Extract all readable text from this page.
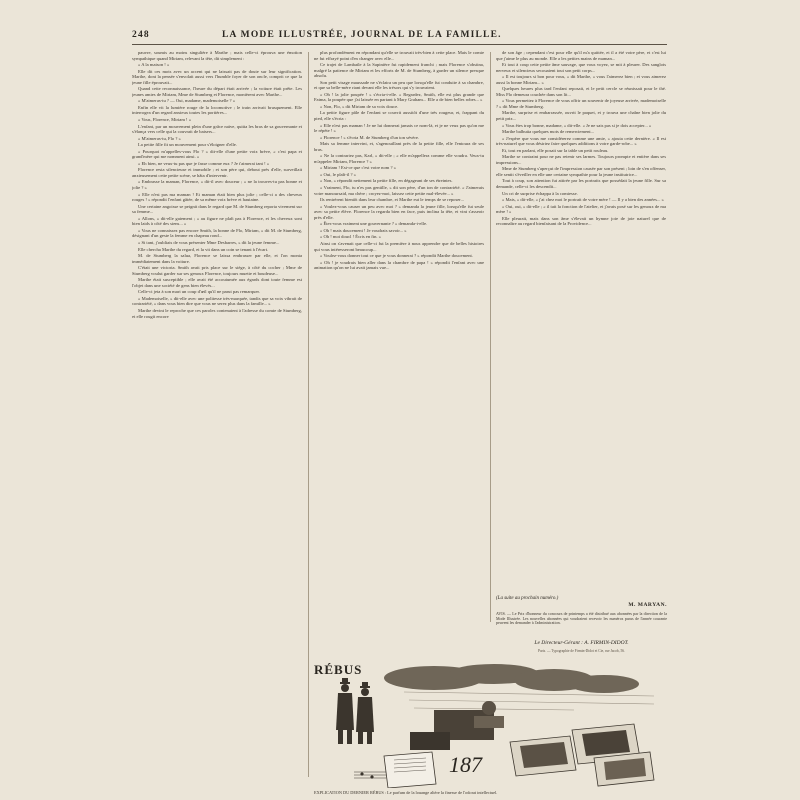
248	LA MODE ILLUSTRÉE, JOURNAL DE LA FAMILLE.

pauvre, soumis au moins singulière à Marthe ; mais celle-ci éprouva une émotion sympathique quand Miriam, relevant la tête, dit simplement :

« A la maison ! »

Elle dit ces mots avec un accent qui ne laissait pas de doute sur leur signification. Marthe, dont la pensée s'envolait aussi vers l'humble foyer de son oncle, comprit ce que la jeune fille éprouvait...

Quand cette reconnaissance, l'heure du départ était arrivée ; la voiture était prête. Les jeunes amies de Miriam, Mme de Stumberg et Florence, montèrent avec Marthe...

« M'aimeras-tu ? — Oui, madame, mademoiselle ? »

Enfin elle vit la lumière rouge de la locomotive ; le train arrivait brusquement. Elle interrogea d'un regard anxieux toutes les portières...

« Vous, Florence, Miriam ! »

L'enfant, par un mouvement plein d'une grâce naïve, quitta les bras de sa gouvernante et s'élança vers celle qui la couvrait de baisers...

« M'aimeras-tu, Flo ? »

La petite fille fit un mouvement pour s'éloigner d'elle.

« Pourquoi m'appelles-vous Flo ? » dit-elle d'une petite voix brève, « c'est papa et grand'mère qui me nomment ainsi. »

« Eh bien, ne veux-tu pas que je fasse comme eux ? Je t'aimerai tant ! »

Florence resta silencieuse et immobile ; et son père qui, debout près d'elle, surveillait anxieusement cette petite scène, se hâta d'intervenir.

« Embrasse la maman, Florence, » dit-il avec douceur ; « ne la trouves-tu pas bonne et jolie ? »

« Elle n'est pas ma maman ! Et maman était bien plus jolie ; celle-ci a des cheveux rouges ! » répondit l'enfant gâtée, de sa même voix brève et hautaine.

Une certaine angoisse se peignit dans le regard que M. de Stumberg reporta vivement sur sa femme...

« Allons, » dit-elle gaiement ; « au figure ne plaît pas à Florence, et les cheveux sont bien laids à côté des siens... »

« Vous ne connaissez pas encore Smith, la bonne de Flo, Miriam, » dit M. de Stumberg, désignant d'un geste la femme en chapeau rond...

« Si tant, j'oubliais de vous présenter Mme Desbarres, » dit la jeune femme...

Elle chercha Marthe du regard, et la vit dans un coin se tenant à l'écart.

M. de Stumberg la salua, Florence se laissa embrasser par elle, et l'on monta immédiatement dans la voiture.

C'était une victoria. Smith avait pris place sur le siège, à côté du cocher ; Mme de Stumberg voulut garder sur ses genoux Florence, toujours muette et boudeuse...

Marthe était susceptible ; elle avait été accoutumée aux égards dont toute femme est l'objet dans une société de gens bien élevés...

Celle-ci jeta à son mari un coup d'œil qu'il ne parut pas remarquer.

« Mademoiselle, » dit-elle avec une politesse très-marquée, tandis que sa voix vibrait de contrariété, « dans vous bien dire que vous ne serez plus dans la famille... »

Marthe devint le reproche que ces paroles contenaient à l'adresse du comte de Stumberg, et elle rougit encore

plus profondément en répondant qu'elle se trouvait très-bien à cette place. Mais le comte ne fut effrayé point d'en changer avec elle...

Ce trajet de Lambaile à la Sapinière fut rapidement franchi ; mais Florence s'obstina, malgré la patience de Miriam et les efforts de M. de Stumberg, à garder un silence presque absolu.

Son petit visage maussade ne s'éclaira un peu que lorsqu'elle fut conduite à sa chambre, et que sa belle-mère riant devant elle les trésors qui s'y trouvaient.

« Oh ! la jolie poupée ! » s'écria-t-elle. « Regardez, Smith, elle est plus grande que Fatma, la poupée que j'ai laissée en partant à Mary Graham... Elle a de bien belles robes... »

« Non, Flo, » dit Miriam de sa voix douce.

La petite figure pâle de l'enfant se couvrit aussitôt d'une très rougeur, et, frappant du pied, elle s'écria :

« Elle n'est pas maman ! Je ne lui donnerai jamais ce nom-là, et je ne veux pas qu'on me le répète ! »

« Florence ! » s'écria M. de Stumberg d'un ton sévère.

Mais sa femme intervint, et, s'agenouillant près de la petite fille, elle l'entoura de ses bras.

« Ne la contrariez pas, Karl, » dit-elle ; « elle m'appellera comme elle voudra. Veux-tu m'appeler Miriam, Florence ? »

« Miriam ! Est-ce que c'est votre nom ? »

« Oui, le plaît-il ? »

« Non, » répondit nettement la petite fille, en dégageant de ses étreintes.

« Vraiment, Flo, tu n'es pas gentille, » dit son père, d'un ton de contrariété. « J'aimerais votre manoursaid, ma chère ; croyez-moi, laissez cette petite mal-élevée... »

Ils rentrèrent bientôt dans leur chambre, et Marthe eut le temps de se reposer...

« Voulez-vous causer un peu avec moi ? » demanda la jeune fille, lorsqu'elle fut seule avec sa petite élève. Florence la regarda bien en face, puis inclina la tête, et vint s'asseoir près d'elle.

« Êtes-vous vraiment une gouvernante ? » demanda-t-elle.

« Oh ! mais doucement ! Je voudrais savoir... »

« Oh ! moi doucl ! Écris en fin. »

Ainsi on s'avenait que celle-ci fut la première à nous apprendre que de belles histoires qui vous intéresseront beaucoup...

« Voulez-vous donner tout ce que je vous donnerai ? » répondit Marthe doucement.

« Oh ! je voudrais bien aller dans la chambre de papa ! » répondit l'enfant avec une animation qu'on ne lui avait jamais vue...

de son âge ; cependant c'est pour elle qu'il m'a quittée, et il a été votre père, et c'est lui que j'aime le plus au monde. Elle a les petites mains de maman...

Et tout à coup cette petite âme sauvage, que vous voyez, se mit à pleurer. Des sanglots nerveux et silencieux secouaient tout son petit corps...

« Il est toujours si bon pour vous, » dit Marthe, « vous l'aimerez bien ; et vous aimerez aussi la bonne Miriam... »

Quelques heures plus tard l'enfant reposait, et le petit cercle se réunissait pour le thé. Miss Flo demeura couchée dans son lit...

« Vous permettez à Florence de vous offrir un souvenir de joyeuse arrivée, mademoiselle ? » dit Mme de Stumberg.

Marthe, surprise et embarrassée, ouvrit le paquet, et y trouva une chaîne bien jolie du petit prix...

« Vous êtes trop bonne, madame, » dit-elle. « Je ne sais pas si je dois accepter... »

Marthe balbutia quelques mots de remerciement...

« J'espère que vous me considérerez comme une amie, » ajouta cette dernière. « Il est très-naturel que vous désiriez faire quelques additions à votre garde-robe... »

Et, tout en parlant, elle posait sur la table un petit rouleau.

Marthe se contraint pour ne pas retenir ses larmes. Toujours prompte et entière dans ses impressions...

Mme de Stumberg s'aperçut de l'impression causée par son présent ; loin de s'en offenser, elle sentit s'éveiller en elle une certaine sympathie pour la jeune institutrice...

Tout à coup, son attention fut attirée par les portraits que possédait la jeune fille. Sur sa demande, celle-ci les descendit...

Un cri de surprise échappa à la comtesse.

« Mais, » dit-elle, « j'ai chez moi le portrait de votre mère ! — Il y a bien des années... »

« Oui, oui, » dit-elle ; « il tait la fonction de l'atelier, et j'avais posé sur les genoux de ma mère ! »

Elle pleurait, mais dans son âme s'élevait un hymne joie de joie naturel que de reconnaître au regard bienfaisant de la Providence...

(La suite au prochain numéro.)
M. MARYAN.
AVIS. — Le Prix d'honneur du concours de printemps a été distribué aux abonnées par la direction de la Mode Illustrée. Les nouvelles abonnées qui voudraient recevoir les numéros parus de l'année courante peuvent les demander à l'administration.
Le Directeur-Gérant : A. FIRMIN-DIDOT.
Paris. — Typographie de Firmin-Didot et Cie, rue Jacob, 56.
187
RÉBUS
EXPLICATION DU DERNIER RÉBUS : Le parfum de la louange altère la finesse de l'odorat intellectuel.
